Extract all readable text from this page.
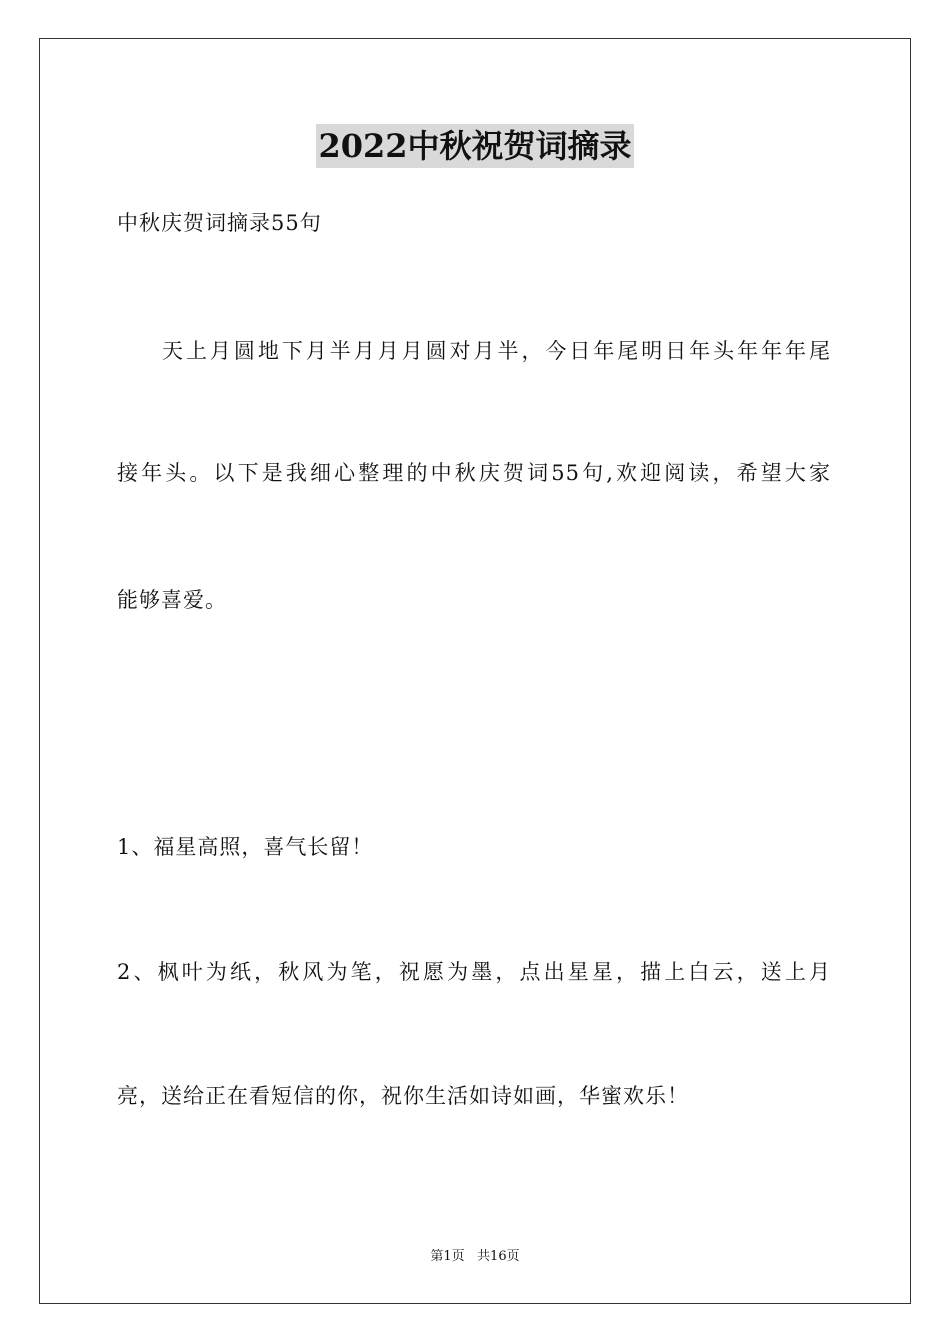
2022中秋祝贺词摘录
中秋庆贺词摘录55句
天上月圆地下月半月月月圆对月半，今日年尾明日年头年年年尾
接年头。以下是我细心整理的中秋庆贺词55句,欢迎阅读，希望大家
能够喜爱。
1、福星高照，喜气长留！
2、枫叶为纸，秋风为笔，祝愿为墨，点出星星，描上白云，送上月
亮，送给正在看短信的你，祝你生活如诗如画，华蜜欢乐！
第1页   共16页
